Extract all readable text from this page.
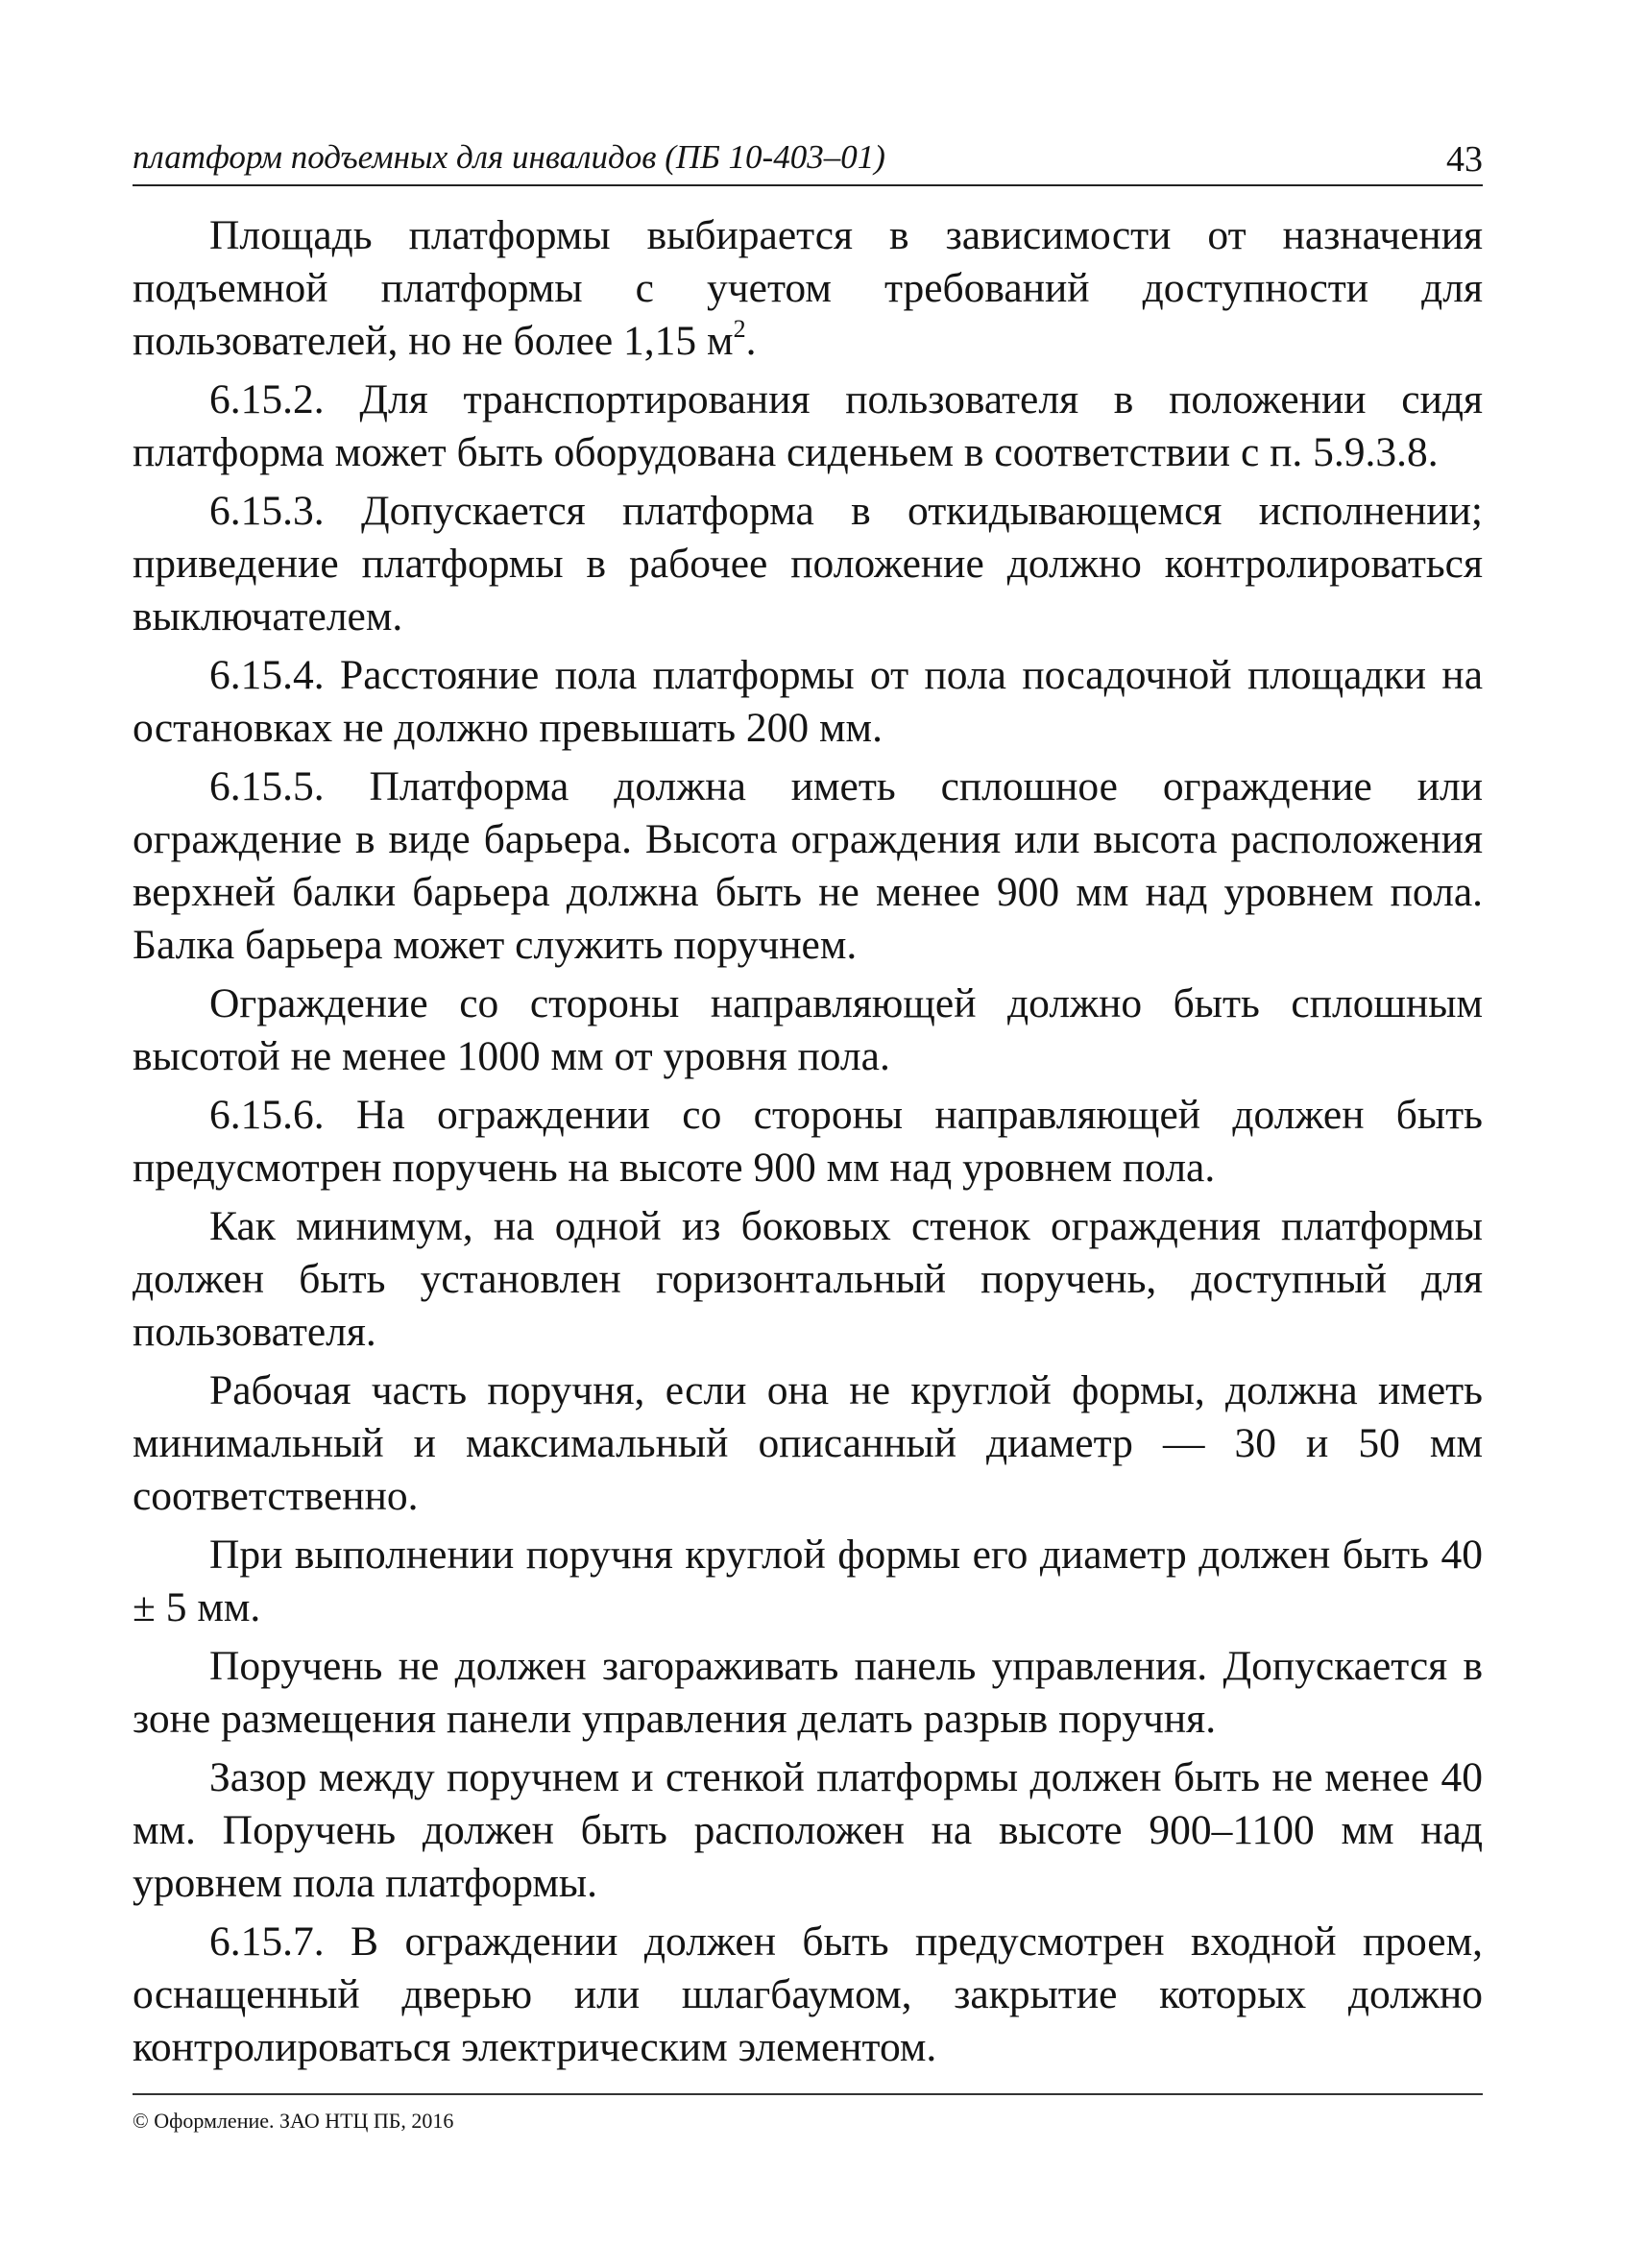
платформ подъемных для инвалидов (ПБ 10-403–01)	43

Площадь платформы выбирается в зависимости от назначения подъемной платформы с учетом требований доступности для пользователей, но не более 1,15 $м^2$.

6.15.2. Для транспортирования пользователя в положении сидя платформа может быть оборудована сиденьем в соответствии с п. 5.9.3.8.

6.15.3. Допускается платформа в откидывающемся исполнении; приведение платформы в рабочее положение должно контролироваться выключателем.

6.15.4. Расстояние пола платформы от пола посадочной площадки на остановках не должно превышать 200 мм.

6.15.5. Платформа должна иметь сплошное ограждение или ограждение в виде барьера. Высота ограждения или высота расположения верхней балки барьера должна быть не менее 900 мм над уровнем пола. Балка барьера может служить поручнем.

Ограждение со стороны направляющей должно быть сплошным высотой не менее 1000 мм от уровня пола.

6.15.6. На ограждении со стороны направляющей должен быть предусмотрен поручень на высоте 900 мм над уровнем пола.

Как минимум, на одной из боковых стенок ограждения платформы должен быть установлен горизонтальный поручень, доступный для пользователя.

Рабочая часть поручня, если она не круглой формы, должна иметь минимальный и максимальный описанный диаметр — 30 и 50 мм соответственно.

При выполнении поручня круглой формы его диаметр должен быть 40 ± 5 мм.

Поручень не должен загораживать панель управления. Допускается в зоне размещения панели управления делать разрыв поручня.

Зазор между поручнем и стенкой платформы должен быть не менее 40 мм. Поручень должен быть расположен на высоте 900–1100 мм над уровнем пола платформы.

6.15.7. В ограждении должен быть предусмотрен входной проем, оснащенный дверью или шлагбаумом, закрытие которых должно контролироваться электрическим элементом.

© Оформление. ЗАО НТЦ ПБ, 2016
